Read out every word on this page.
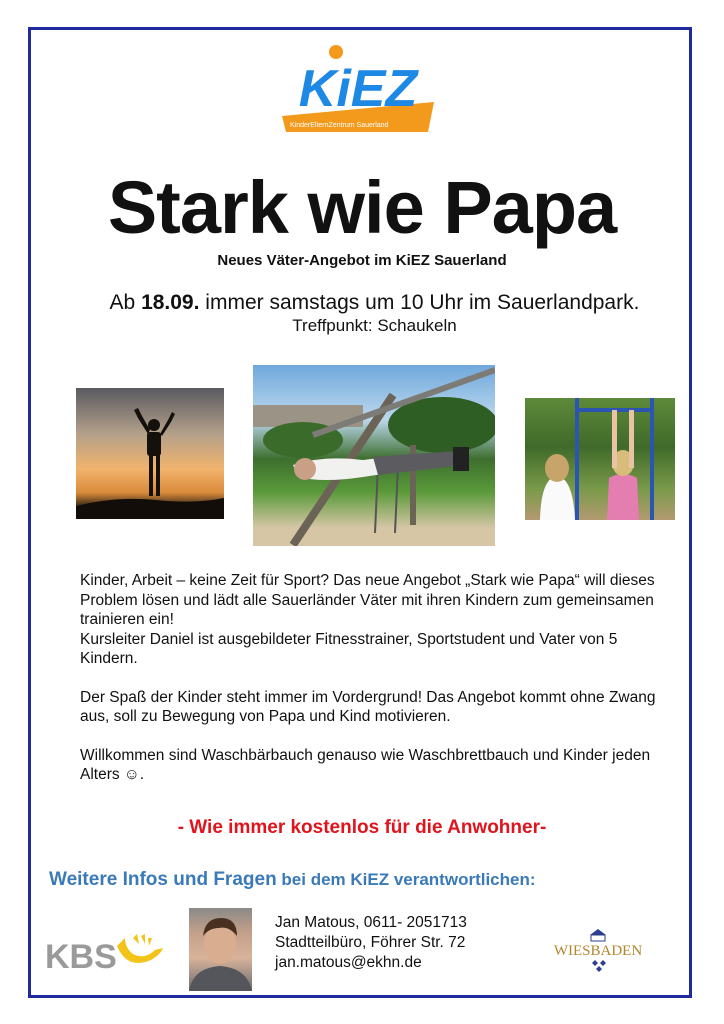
KiEZ
KinderElternZentrum Sauerland
Stark wie Papa
Neues Väter-Angebot im KiEZ Sauerland
Ab 18.09. immer samstags um 10 Uhr im Sauerlandpark.
Treffpunkt: Schaukeln

Kinder, Arbeit – keine Zeit für Sport? Das neue Angebot „Stark wie Papa“ will dieses Problem lösen und lädt alle Sauerländer Väter mit ihren Kindern zum gemeinsamen trainieren ein!
Kursleiter Daniel ist ausgebildeter Fitnesstrainer, Sportstudent und Vater von 5 Kindern.

Der Spaß der Kinder steht immer im Vordergrund! Das Angebot kommt ohne Zwang aus, soll zu Bewegung von Papa und Kind motivieren.

Willkommen sind Waschbärbauch genauso wie Waschbrettbauch und Kinder jeden Alters ☺.

- Wie immer kostenlos für die Anwohner-
Weitere Infos und Fragen bei dem KiEZ verantwortlichen:
KBS
Jan Matous, 0611- 2051713
Stadtteilbüro, Föhrer Str. 72
jan.matous@ekhn.de
WIESBADEN
